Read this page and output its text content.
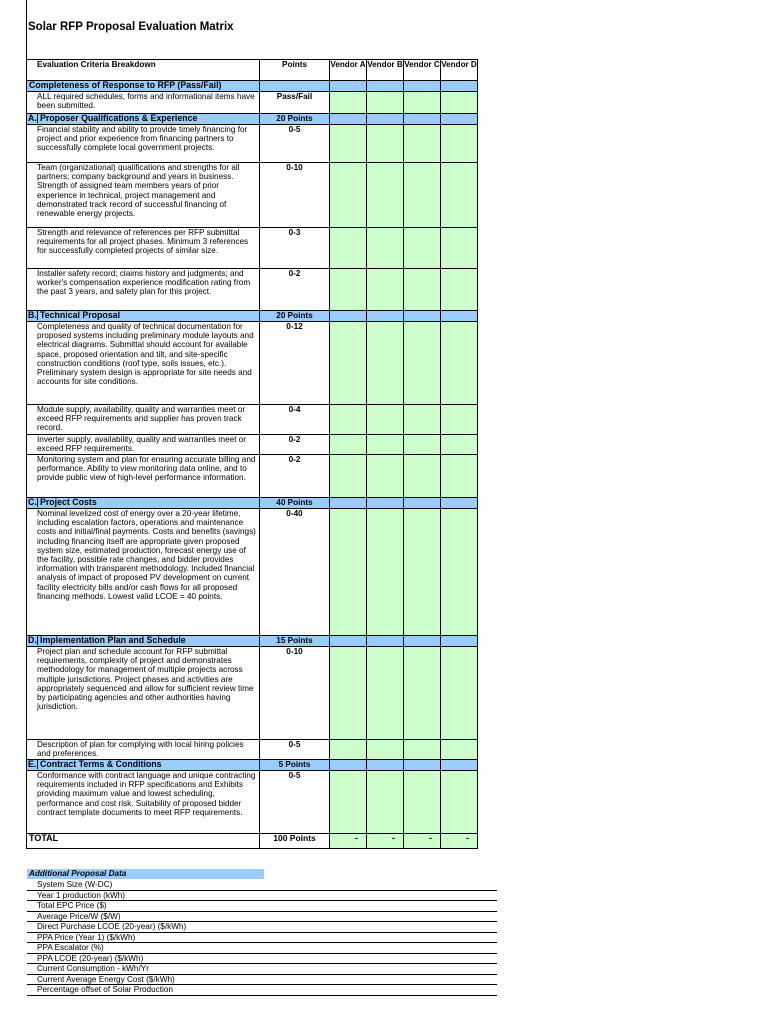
Solar RFP Proposal Evaluation Matrix
Evaluation Criteria Breakdown	Points	Vendor A	Vendor B	Vendor C	Vendor D
Completeness of Response to RFP (Pass/Fail)					
ALL required schedules, forms and informational items have been submitted.	Pass/Fail				
A. Proposer Qualifications & Experience	20 Points				
Financial stability and ability to provide timely financing for project and prior experience from financing partners to successfully complete local government projects.	0-5				
Team (organizational) qualifications and strengths for all partners; company background and years in business. Strength of assigned team members years of prior experience in technical, project management and demonstrated track record of successful financing of renewable energy projects.	0-10				
Strength and relevance of references per RFP submittal requirements for all project phases. Minimum 3 references for successfully completed projects of similar size.	0-3				
Installer safety record; claims history and judgments; and worker's compensation experience modification rating from the past 3 years, and safety plan for this project.	0-2				
B. Technical Proposal	20 Points				
Completeness and quality of technical documentation for proposed systems including preliminary module layouts and electrical diagrams. Submittal should account for available space, proposed orientation and tilt, and site-specific construction conditions (roof type, soils issues, etc.). Preliminary system design is appropriate for site needs and accounts for site conditions.	0-12				
Module supply, availability, quality and warranties meet or exceed RFP requirements and supplier has proven track record.	0-4				
Inverter supply, availability, quality and warranties meet or exceed RFP requirements.	0-2				
Monitoring system and plan for ensuring accurate billing and performance. Ability to view monitoring data online, and to provide public view of high-level performance information.	0-2				
C. Project Costs	40 Points				
Nominal levelized cost of energy over a 20-year lifetime, including escalation factors, operations and maintenance costs and initial/final payments. Costs and benefits (savings) including financing itself are appropriate given proposed system size, estimated production, forecast energy use of the facility, possible rate changes, and bidder provides information with transparent methodology. Included financial analysis of impact of proposed PV development on current facility electricity bills and/or cash flows for all proposed financing methods. Lowest valid LCOE = 40 points.	0-40				
D. Implementation Plan and Schedule	15 Points				
Project plan and schedule account for RFP submittal requirements, complexity of project and demonstrates methodology for management of multiple projects across multiple jurisdictions. Project phases and activities are appropriately sequenced and allow for sufficient review time by participating agencies and other authorities having jurisdiction.	0-10				
Description of plan for complying with local hiring policies and preferences.	0-5				
E. Contract Terms & Conditions	5 Points				
Conformance with contract language and unique contracting requirements included in RFP specifications and Exhibits providing maximum value and lowest scheduling, performance and cost risk. Suitability of proposed bidder contract template documents to meet RFP requirements.	0-5				
TOTAL	100 Points	-	-	-	-
Additional Proposal Data
System Size (W-DC)
Year 1 production (kWh)
Total EPC Price ($)
Average Price/W ($/W)
Direct Purchase LCOE (20-year) ($/kWh)
PPA Price (Year 1) ($/kWh)
PPA Escalator (%)
PPA LCOE (20-year) ($/kWh)
Current Consumption - kWh/Yr
Current Average Energy Cost ($/kWh)
Percentage offset of Solar Production
